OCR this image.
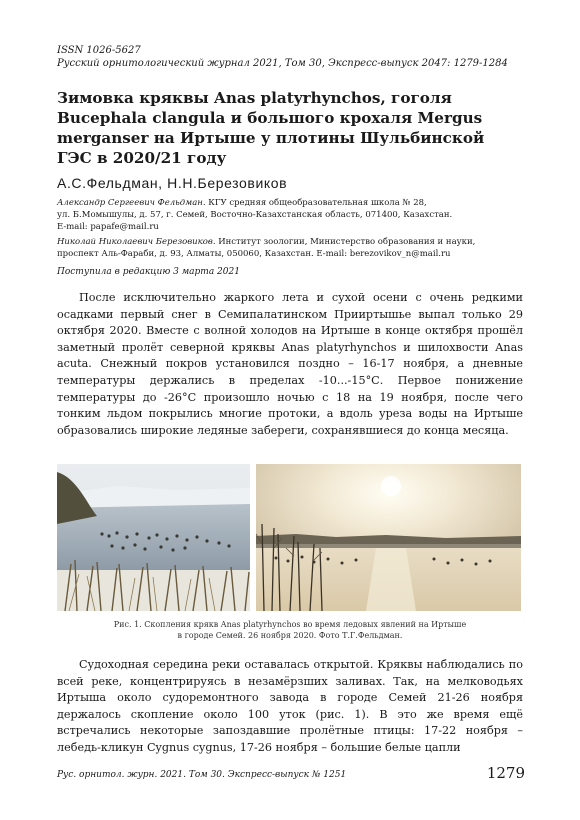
ISSN 1026-5627
Русский орнитологический журнал 2021, Том 30, Экспресс-выпуск 2047: 1279-1284
Зимовка кряквы Anas platyrhynchos, гоголя
Bucephala clangula и большого крохаля Mergus
merganser на Иртыше у плотины Шульбинской
ГЭС в 2020/21 году
А.С.Фельдман, Н.Н.Березовиков
Александр Сергеевич Фельдман. КГУ средняя общеобразовательная школа № 28,
ул. Б.Момышулы, д. 57, г. Семей, Восточно-Казахстанская область, 071400, Казахстан.
E-mail: papafe@mail.ru
Николай Николаевич Березовиков. Институт зоологии, Министерство образования и науки,
проспект Аль-Фараби, д. 93, Алматы, 050060, Казахстан. E-mail: berezovikov_n@mail.ru
Поступила в редакцию 3 марта 2021

После исключительно жаркого лета и сухой осени с очень редкими осадками первый снег в Семипалатинском Прииртышье выпал только 29 октября 2020. Вместе с волной холодов на Иртыше в конце октября прошёл заметный пролёт северной кряквы Anas platyrhynchos и шилохвости Anas acuta. Снежный покров установился поздно – 16-17 ноября, а дневные температуры держались в пределах -10...-15°С. Первое понижение температуры до -26°С произошло ночью с 18 на 19 ноября, после чего тонким льдом покрылись многие протоки, а вдоль уреза воды на Иртыше образовались широкие ледяные забереги, сохранявшиеся до конца месяца.

Рис. 1. Скопления крякв Anas platyrhynchos во время ледовых явлений на Иртыше
в городе Семей. 26 ноября 2020. Фото Т.Г.Фельдман.

Судоходная середина реки оставалась открытой. Кряквы наблюдались по всей реке, концентрируясь в незамёрзших заливах. Так, на мелководьях Иртыша около судоремонтного завода в городе Семей 21-26 ноября держалось скопление около 100 уток (рис. 1). В это же время ещё встречались некоторые запоздавшие пролётные птицы: 17-22 ноября – лебедь-кликун Cygnus cygnus, 17-26 ноября – большие белые цапли

Рус. орнитол. журн. 2021. Том 30. Экспресс-выпуск № 1251	1279
